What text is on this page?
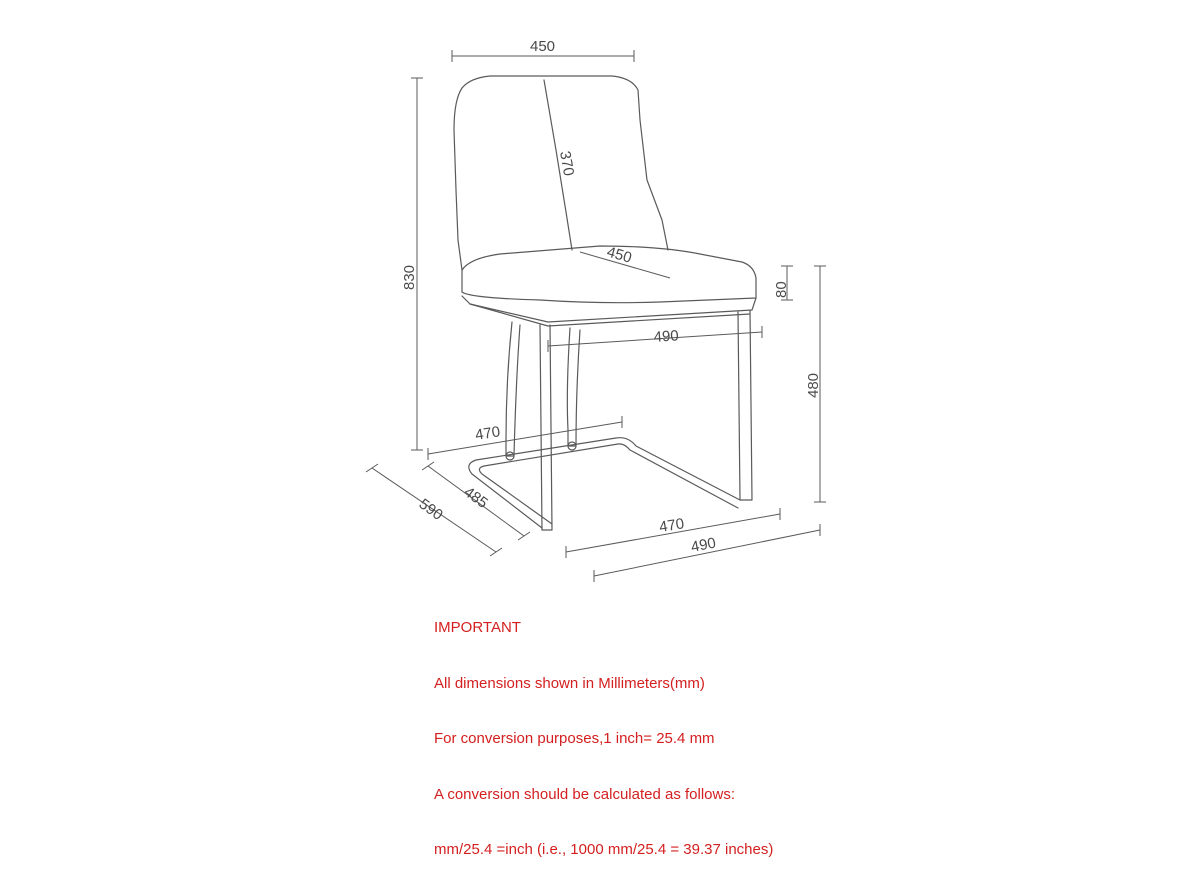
450
370
450
830	80
480
490
470
485
590
470
490

IMPORTANT

All dimensions shown in Millimeters(mm)

For conversion purposes,1 inch= 25.4 mm

A conversion should be calculated as follows:

mm/25.4 =inch (i.e., 1000 mm/25.4 = 39.37 inches)
